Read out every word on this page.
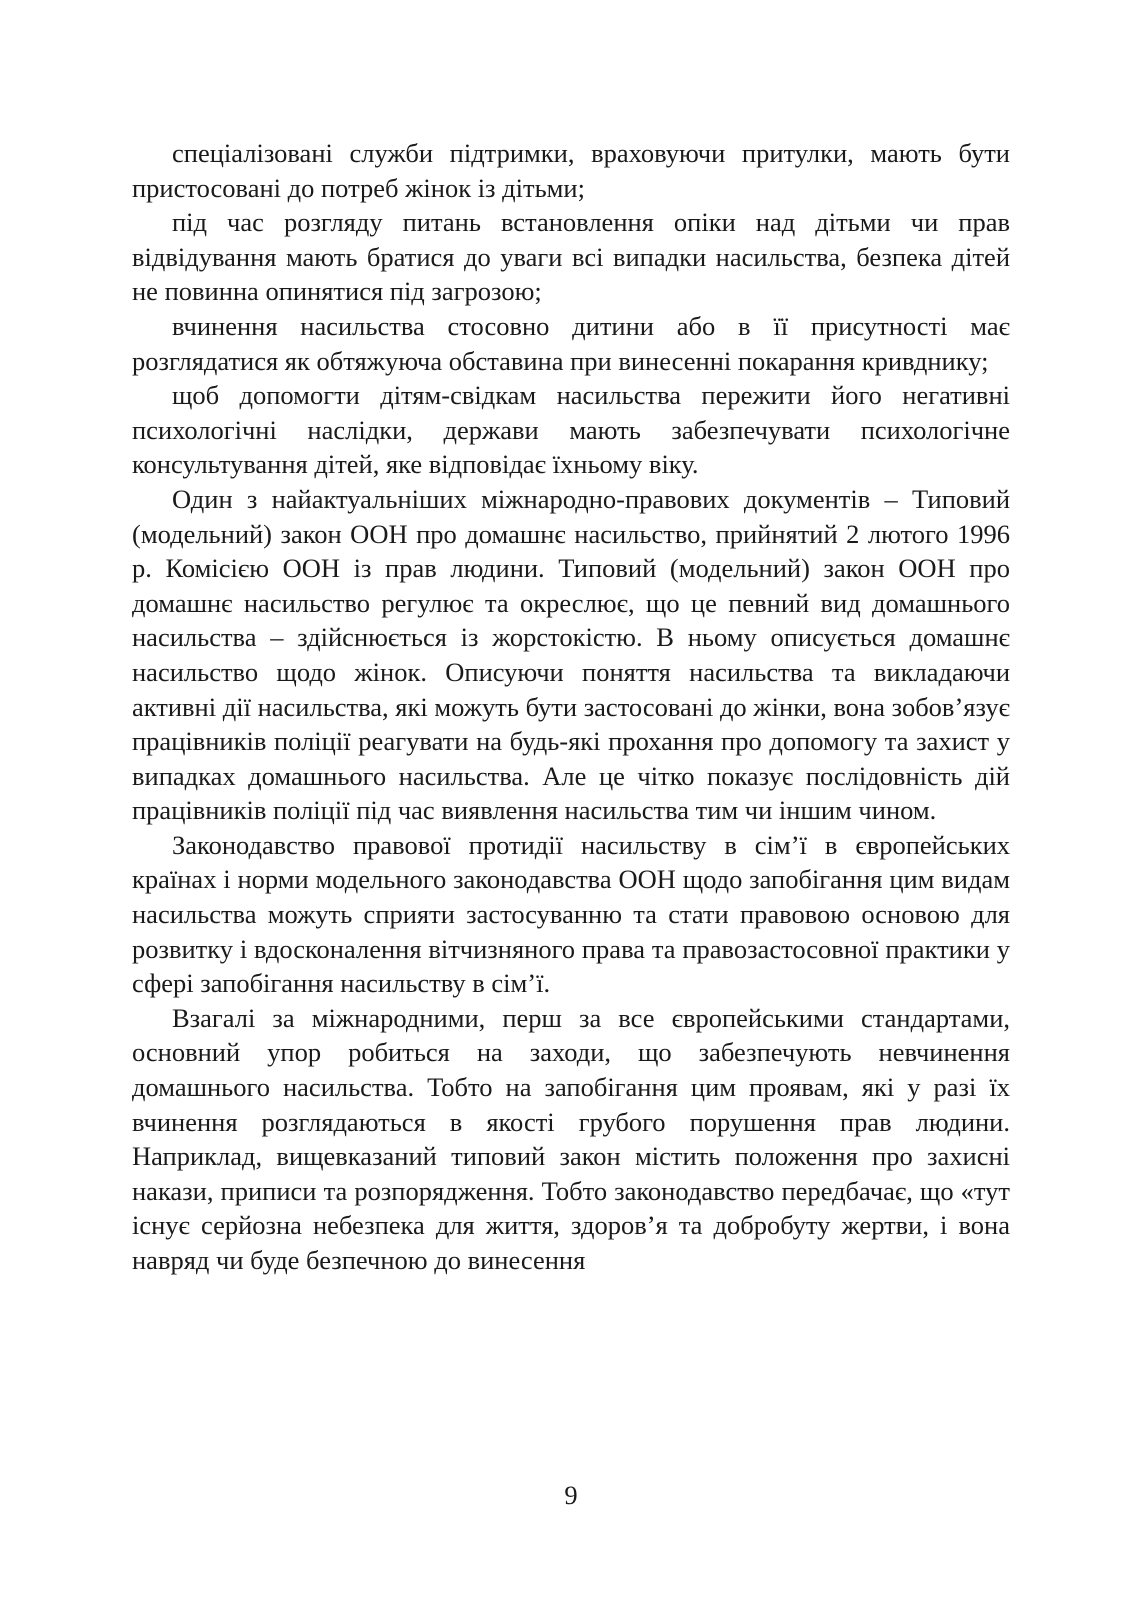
спеціалізовані служби підтримки, враховуючи притулки, мають бути пристосовані до потреб жінок із дітьми;

під час розгляду питань встановлення опіки над дітьми чи прав відвідування мають братися до уваги всі випадки насильства, безпека дітей не повинна опинятися під загрозою;

вчинення насильства стосовно дитини або в її присутності має розглядатися як обтяжуюча обставина при винесенні покарання кривднику;

щоб допомогти дітям-свідкам насильства пережити його негативні психологічні наслідки, держави мають забезпечувати психологічне консультування дітей, яке відповідає їхньому віку.

Один з найактуальніших міжнародно-правових документів – Типовий (модельний) закон ООН про домашнє насильство, прийнятий 2 лютого 1996 р. Комісією ООН із прав людини. Типовий (модельний) закон ООН про домашнє насильство регулює та окреслює, що це певний вид домашнього насильства – здійснюється із жорстокістю. В ньому описується домашнє насильство щодо жінок. Описуючи поняття насильства та викладаючи активні дії насильства, які можуть бути застосовані до жінки, вона зобов’язує працівників поліції реагувати на будь-які прохання про допомогу та захист у випадках домашнього насильства. Але це чітко показує послідовність дій працівників поліції під час виявлення насильства тим чи іншим чином.

Законодавство правової протидії насильству в сім’ї в європейських країнах і норми модельного законодавства ООН щодо запобігання цим видам насильства можуть сприяти застосуванню та стати правовою основою для розвитку і вдосконалення вітчизняного права та правозастосовної практики у сфері запобігання насильству в сім’ї.

Взагалі за міжнародними, перш за все європейськими стандартами, основний упор робиться на заходи, що забезпечують невчинення домашнього насильства. Тобто на запобігання цим проявам, які у разі їх вчинення розглядаються в якості грубого порушення прав людини. Наприклад, вищевказаний типовий закон містить положення про захисні накази, приписи та розпорядження. Тобто законодавство передбачає, що «тут існує серйозна небезпека для життя, здоров’я та добробуту жертви, і вона навряд чи буде безпечною до винесення

9
